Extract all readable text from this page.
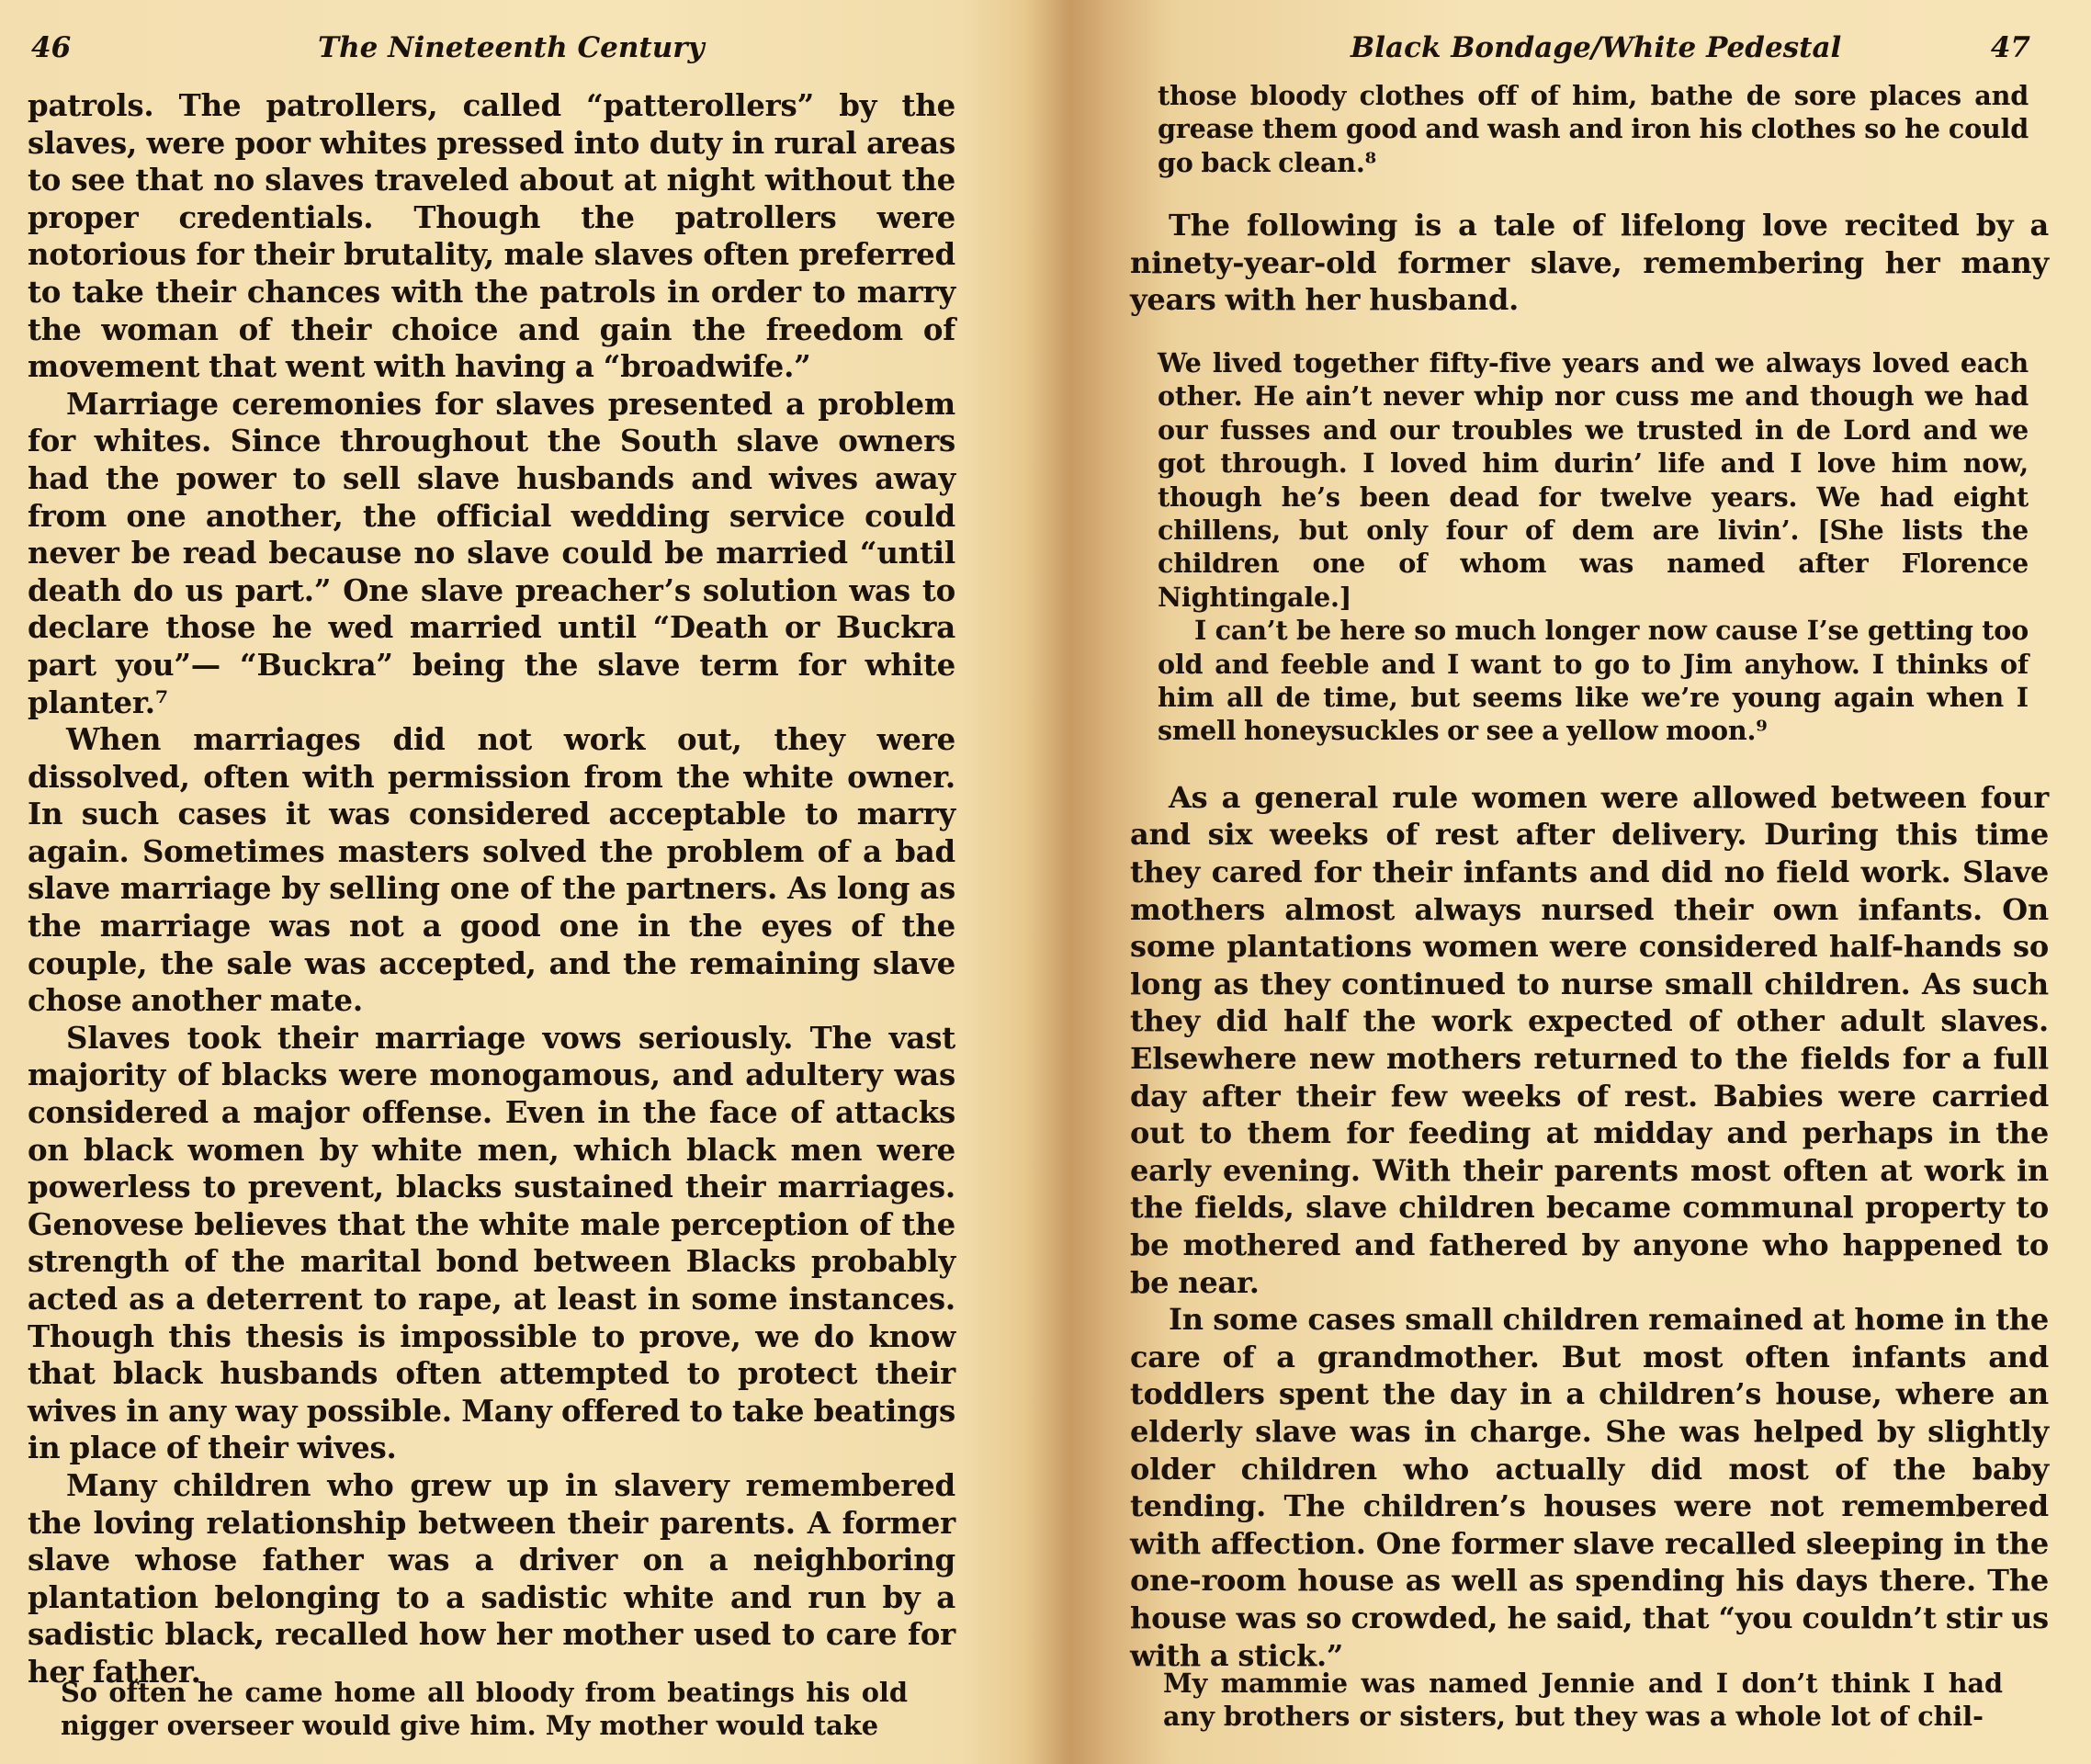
46	The Nineteenth Century

patrols. The patrollers, called “patterollers” by the slaves, were poor whites pressed into duty in rural areas to see that no slaves traveled about at night without the proper credentials. Though the patrollers were notorious for their brutality, male slaves often preferred to take their chances with the patrols in order to marry the woman of their choice and gain the freedom of movement that went with having a “broadwife.”

Marriage ceremonies for slaves presented a problem for whites. Since throughout the South slave owners had the power to sell slave husbands and wives away from one another, the official wedding service could never be read because no slave could be married “until death do us part.” One slave preacher’s solution was to declare those he wed married until “Death or Buckra part you”— “Buckra” being the slave term for white planter.⁷

When marriages did not work out, they were dissolved, often with permission from the white owner. In such cases it was considered acceptable to marry again. Sometimes masters solved the problem of a bad slave marriage by selling one of the partners. As long as the marriage was not a good one in the eyes of the couple, the sale was accepted, and the remaining slave chose another mate.

Slaves took their marriage vows seriously. The vast majority of blacks were monogamous, and adultery was considered a major offense. Even in the face of attacks on black women by white men, which black men were powerless to prevent, blacks sustained their marriages. Genovese believes that the white male perception of the strength of the marital bond between Blacks probably acted as a deterrent to rape, at least in some instances. Though this thesis is impossible to prove, we do know that black husbands often attempted to protect their wives in any way possible. Many offered to take beatings in place of their wives.

Many children who grew up in slavery remembered the loving relationship between their parents. A former slave whose father was a driver on a neighboring plantation belonging to a sadistic white and run by a sadistic black, recalled how her mother used to care for her father.

So often he came home all bloody from beatings his old nigger overseer would give him. My mother would take

Black Bondage/White Pedestal	47

those bloody clothes off of him, bathe de sore places and grease them good and wash and iron his clothes so he could go back clean.⁸

The following is a tale of lifelong love recited by a ninety-year-old former slave, remembering her many years with her husband.

We lived together fifty-five years and we always loved each other. He ain’t never whip nor cuss me and though we had our fusses and our troubles we trusted in de Lord and we got through. I loved him durin’ life and I love him now, though he’s been dead for twelve years. We had eight chillens, but only four of dem are livin’. [She lists the children one of whom was named after Florence Nightingale.]

I can’t be here so much longer now cause I’se getting too old and feeble and I want to go to Jim anyhow. I thinks of him all de time, but seems like we’re young again when I smell honeysuckles or see a yellow moon.⁹

As a general rule women were allowed between four and six weeks of rest after delivery. During this time they cared for their infants and did no field work. Slave mothers almost always nursed their own infants. On some plantations women were considered half-hands so long as they continued to nurse small children. As such they did half the work expected of other adult slaves. Elsewhere new mothers returned to the fields for a full day after their few weeks of rest. Babies were carried out to them for feeding at midday and perhaps in the early evening. With their parents most often at work in the fields, slave children became communal property to be mothered and fathered by anyone who happened to be near.

In some cases small children remained at home in the care of a grandmother. But most often infants and toddlers spent the day in a children’s house, where an elderly slave was in charge. She was helped by slightly older children who actually did most of the baby tending. The children’s houses were not remembered with affection. One former slave recalled sleeping in the one-room house as well as spending his days there. The house was so crowded, he said, that “you couldn’t stir us with a stick.”

My mammie was named Jennie and I don’t think I had any brothers or sisters, but they was a whole lot of chil-
